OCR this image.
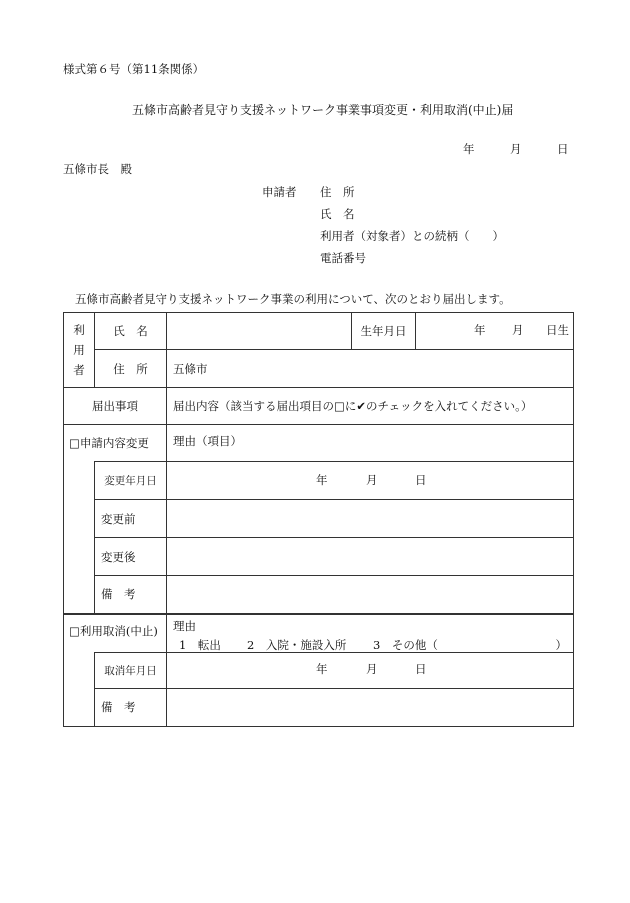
様式第６号（第11条関係）
五條市高齢者見守り支援ネットワーク事業事項変更・利用取消(中止)届
年	月	日
五條市長　殿
申請者 住　所
氏　名
利用者（対象者）との続柄（　　）
電話番号
五條市高齢者見守り支援ネットワーク事業の利用について、次のとおり届出します。
利
用
者	氏　名		生年月日	年 月 日生

	住　所	五條市		
届出事項		届出内容（該当する届出項目の□に✔のチェックを入れてください。）		
□申請内容変更		理由（項目）		
	変更年月日	年 月 日		

	変更前			
	変更後			
	備　考			
□利用取消(中止)		理由
1　転出 2　入院・施設入所 3　その他（ ）		

	取消年月日	年 月 日		

	備　考			
